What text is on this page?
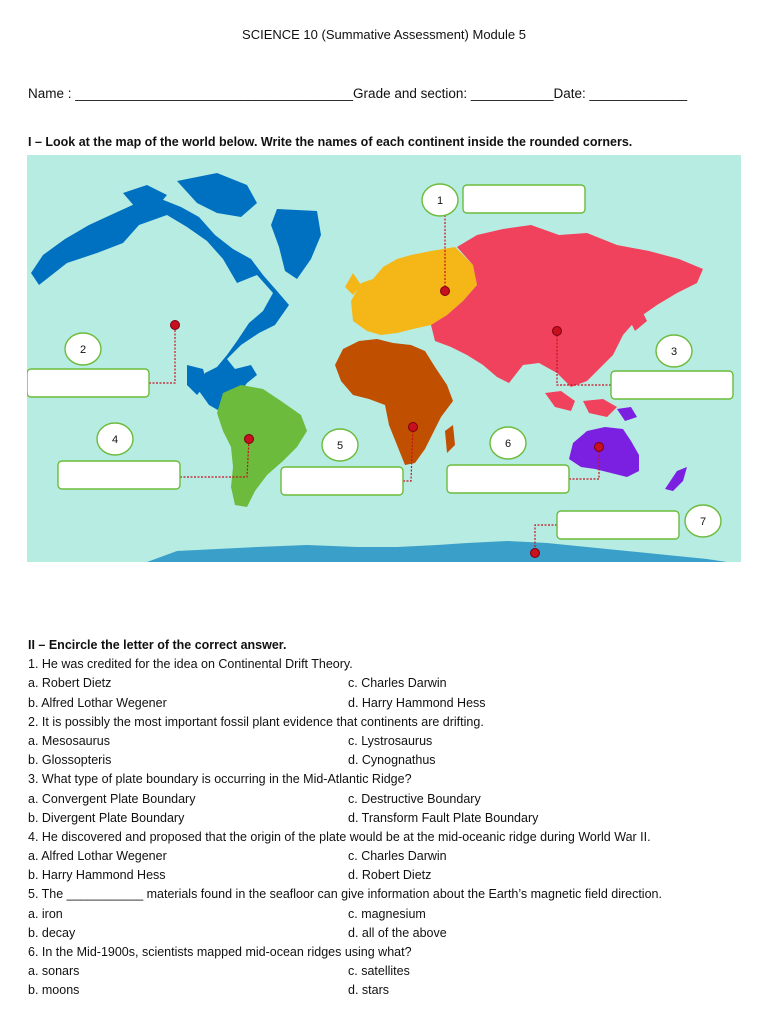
SCIENCE 10 (Summative Assessment) Module 5
Name : _____________________________________Grade and section: ___________Date: _____________
I – Look at the map of the world below. Write the names of each continent inside the rounded corners.
1
2	3
4	5	6
7
II – Encircle the letter of the correct answer.
1. He was credited for the idea on Continental Drift Theory.
a. Robert Dietz	c. Charles Darwin
b. Alfred Lothar Wegener	d. Harry Hammond Hess
2. It is possibly the most important fossil plant evidence that continents are drifting.
a. Mesosaurus	c. Lystrosaurus
b. Glossopteris	d. Cynognathus
3. What type of plate boundary is occurring in the Mid-Atlantic Ridge?
a. Convergent Plate Boundary	c. Destructive Boundary
b. Divergent Plate Boundary	d. Transform Fault Plate Boundary
4. He discovered and proposed that the origin of the plate would be at the mid-oceanic ridge during World War II.
a. Alfred Lothar Wegener	c. Charles Darwin
b. Harry Hammond Hess	d. Robert Dietz
5. The ___________ materials found in the seafloor can give information about the Earth’s magnetic field direction.
a. iron	c. magnesium
b. decay	d. all of the above
6. In the Mid-1900s, scientists mapped mid-ocean ridges using what?
a. sonars	c. satellites
b. moons	d. stars
